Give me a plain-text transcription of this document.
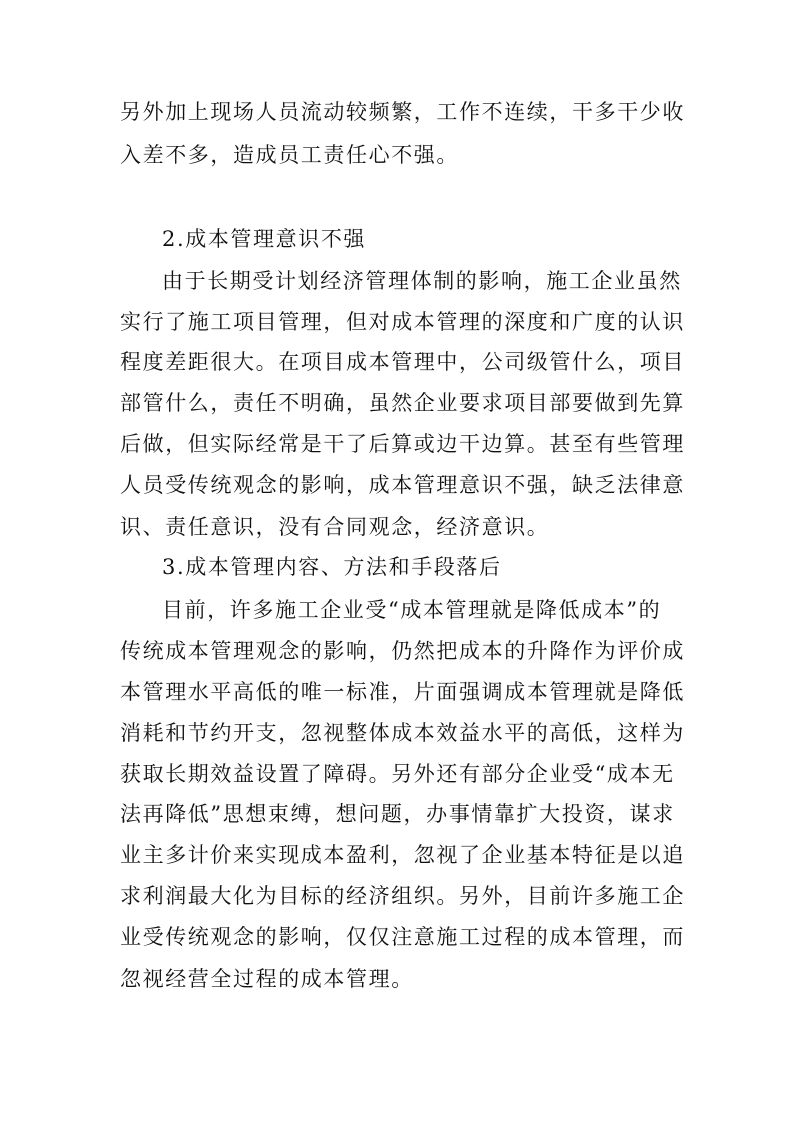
另外加上现场人员流动较频繁，工作不连续，干多干少收
入差不多，造成员工责任心不强。
2.成本管理意识不强
由于长期受计划经济管理体制的影响，施工企业虽然
实行了施工项目管理，但对成本管理的深度和广度的认识
程度差距很大。在项目成本管理中，公司级管什么，项目
部管什么，责任不明确，虽然企业要求项目部要做到先算
后做，但实际经常是干了后算或边干边算。甚至有些管理
人员受传统观念的影响，成本管理意识不强，缺乏法律意
识、责任意识，没有合同观念，经济意识。
3.成本管理内容、方法和手段落后
目前，许多施工企业受“成本管理就是降低成本”的
传统成本管理观念的影响，仍然把成本的升降作为评价成
本管理水平高低的唯一标准，片面强调成本管理就是降低
消耗和节约开支，忽视整体成本效益水平的高低，这样为
获取长期效益设置了障碍。另外还有部分企业受“成本无
法再降低”思想束缚，想问题，办事情靠扩大投资，谋求
业主多计价来实现成本盈利，忽视了企业基本特征是以追
求利润最大化为目标的经济组织。另外，目前许多施工企
业受传统观念的影响，仅仅注意施工过程的成本管理，而
忽视经营全过程的成本管理。
